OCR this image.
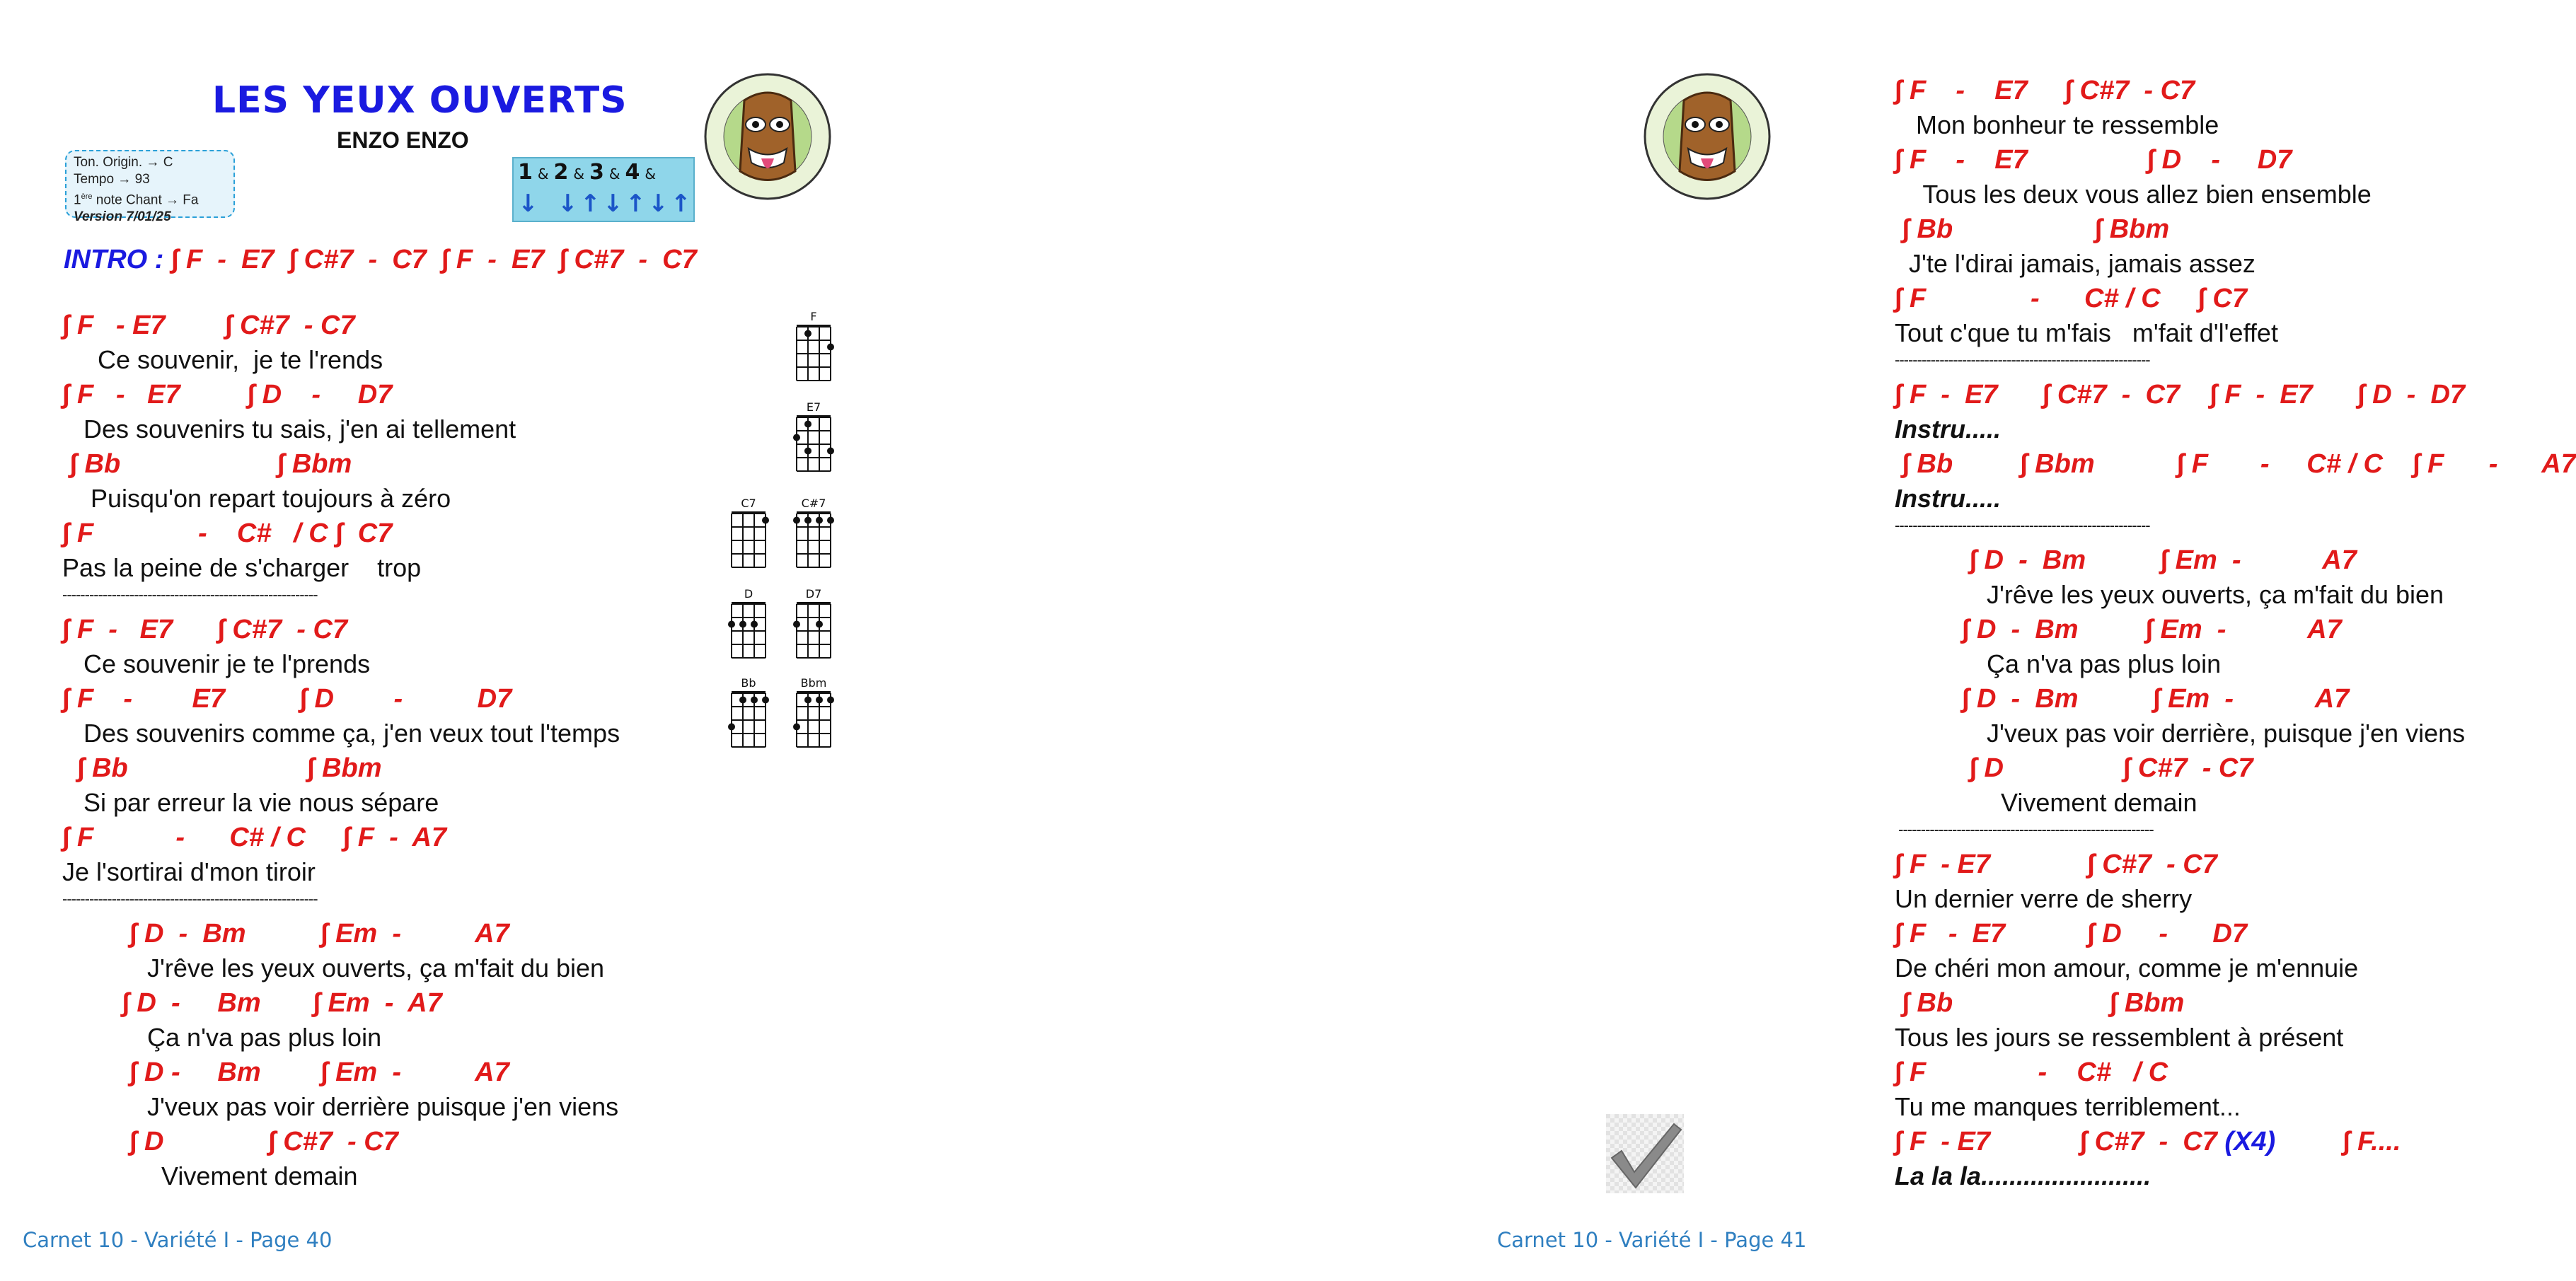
LES YEUX OUVERTS
ENZO ENZO
Ton. Origin. → C
Tempo → 93
1ère note Chant → Fa
Version 7/01/25
1 & 2 & 3 & 4 &
↓ ↓ ↑ ↓ ↑ ↓ ↑
INTRO : ∫ F  -  E7  ∫ C#7  -  C7  ∫ F  -  E7  ∫ C#7  -  C7
∫ F   - E7        ∫ C#7  - C7
Ce souvenir,  je te l'rends
∫ F   -   E7         ∫ D    -     D7
Des souvenirs tu sais, j'en ai tellement
∫ Bb                     ∫ Bbm
Puisqu'on repart toujours à zéro
∫ F              -    C#   / C ∫  C7
Pas la peine de s'charger    trop
---------------------------------------------------------
∫ F  -   E7      ∫ C#7  - C7
Ce souvenir je te l'prends
∫ F    -        E7          ∫ D        -          D7
Des souvenirs comme ça, j'en veux tout l'temps
∫ Bb                        ∫ Bbm
Si par erreur la vie nous sépare
∫ F           -      C# / C     ∫ F  -  A7
Je l'sortirai d'mon tiroir
---------------------------------------------------------
∫ D  -  Bm          ∫ Em  -          A7
J'rêve les yeux ouverts, ça m'fait du bien
∫ D  -     Bm       ∫ Em  -  A7
Ça n'va pas plus loin
∫ D -     Bm        ∫ Em  -          A7
J'veux pas voir derrière puisque j'en viens
∫ D              ∫ C#7  - C7
Vivement demain
F
E7
C7	C#7
D	D7
Bb	Bbm
Carnet 10 - Variété I - Page 40
∫ F    -    E7     ∫ C#7  - C7
Mon bonheur te ressemble
∫ F    -    E7                ∫ D    -     D7
Tous les deux vous allez bien ensemble
∫ Bb                   ∫ Bbm
J'te l'dirai jamais, jamais assez
∫ F              -      C# / C     ∫ C7
Tout c'que tu m'fais   m'fait d'l'effet
---------------------------------------------------------
∫ F  -  E7      ∫ C#7  -  C7    ∫ F  -  E7      ∫ D  -  D7
Instru.....
∫ Bb         ∫ Bbm           ∫ F       -     C# / C    ∫ F      -      A7
Instru.....
---------------------------------------------------------
∫ D  -  Bm          ∫ Em  -           A7
J'rêve les yeux ouverts, ça m'fait du bien
∫ D  -  Bm         ∫ Em  -           A7
Ça n'va pas plus loin
∫ D  -  Bm          ∫ Em  -           A7
J'veux pas voir derrière, puisque j'en viens
∫ D                ∫ C#7  - C7
Vivement demain
---------------------------------------------------------
∫ F  - E7             ∫ C#7  - C7
Un dernier verre de sherry
∫ F   -  E7           ∫ D     -      D7
De chéri mon amour, comme je m'ennuie
∫ Bb                     ∫ Bbm
Tous les jours se ressemblent à présent
∫ F               -    C#   / C
Tu me manques terriblement...
∫ F  - E7            ∫ C#7  -  C7 (X4)         ∫ F....
La la la........................
Carnet 10 - Variété I - Page 41
